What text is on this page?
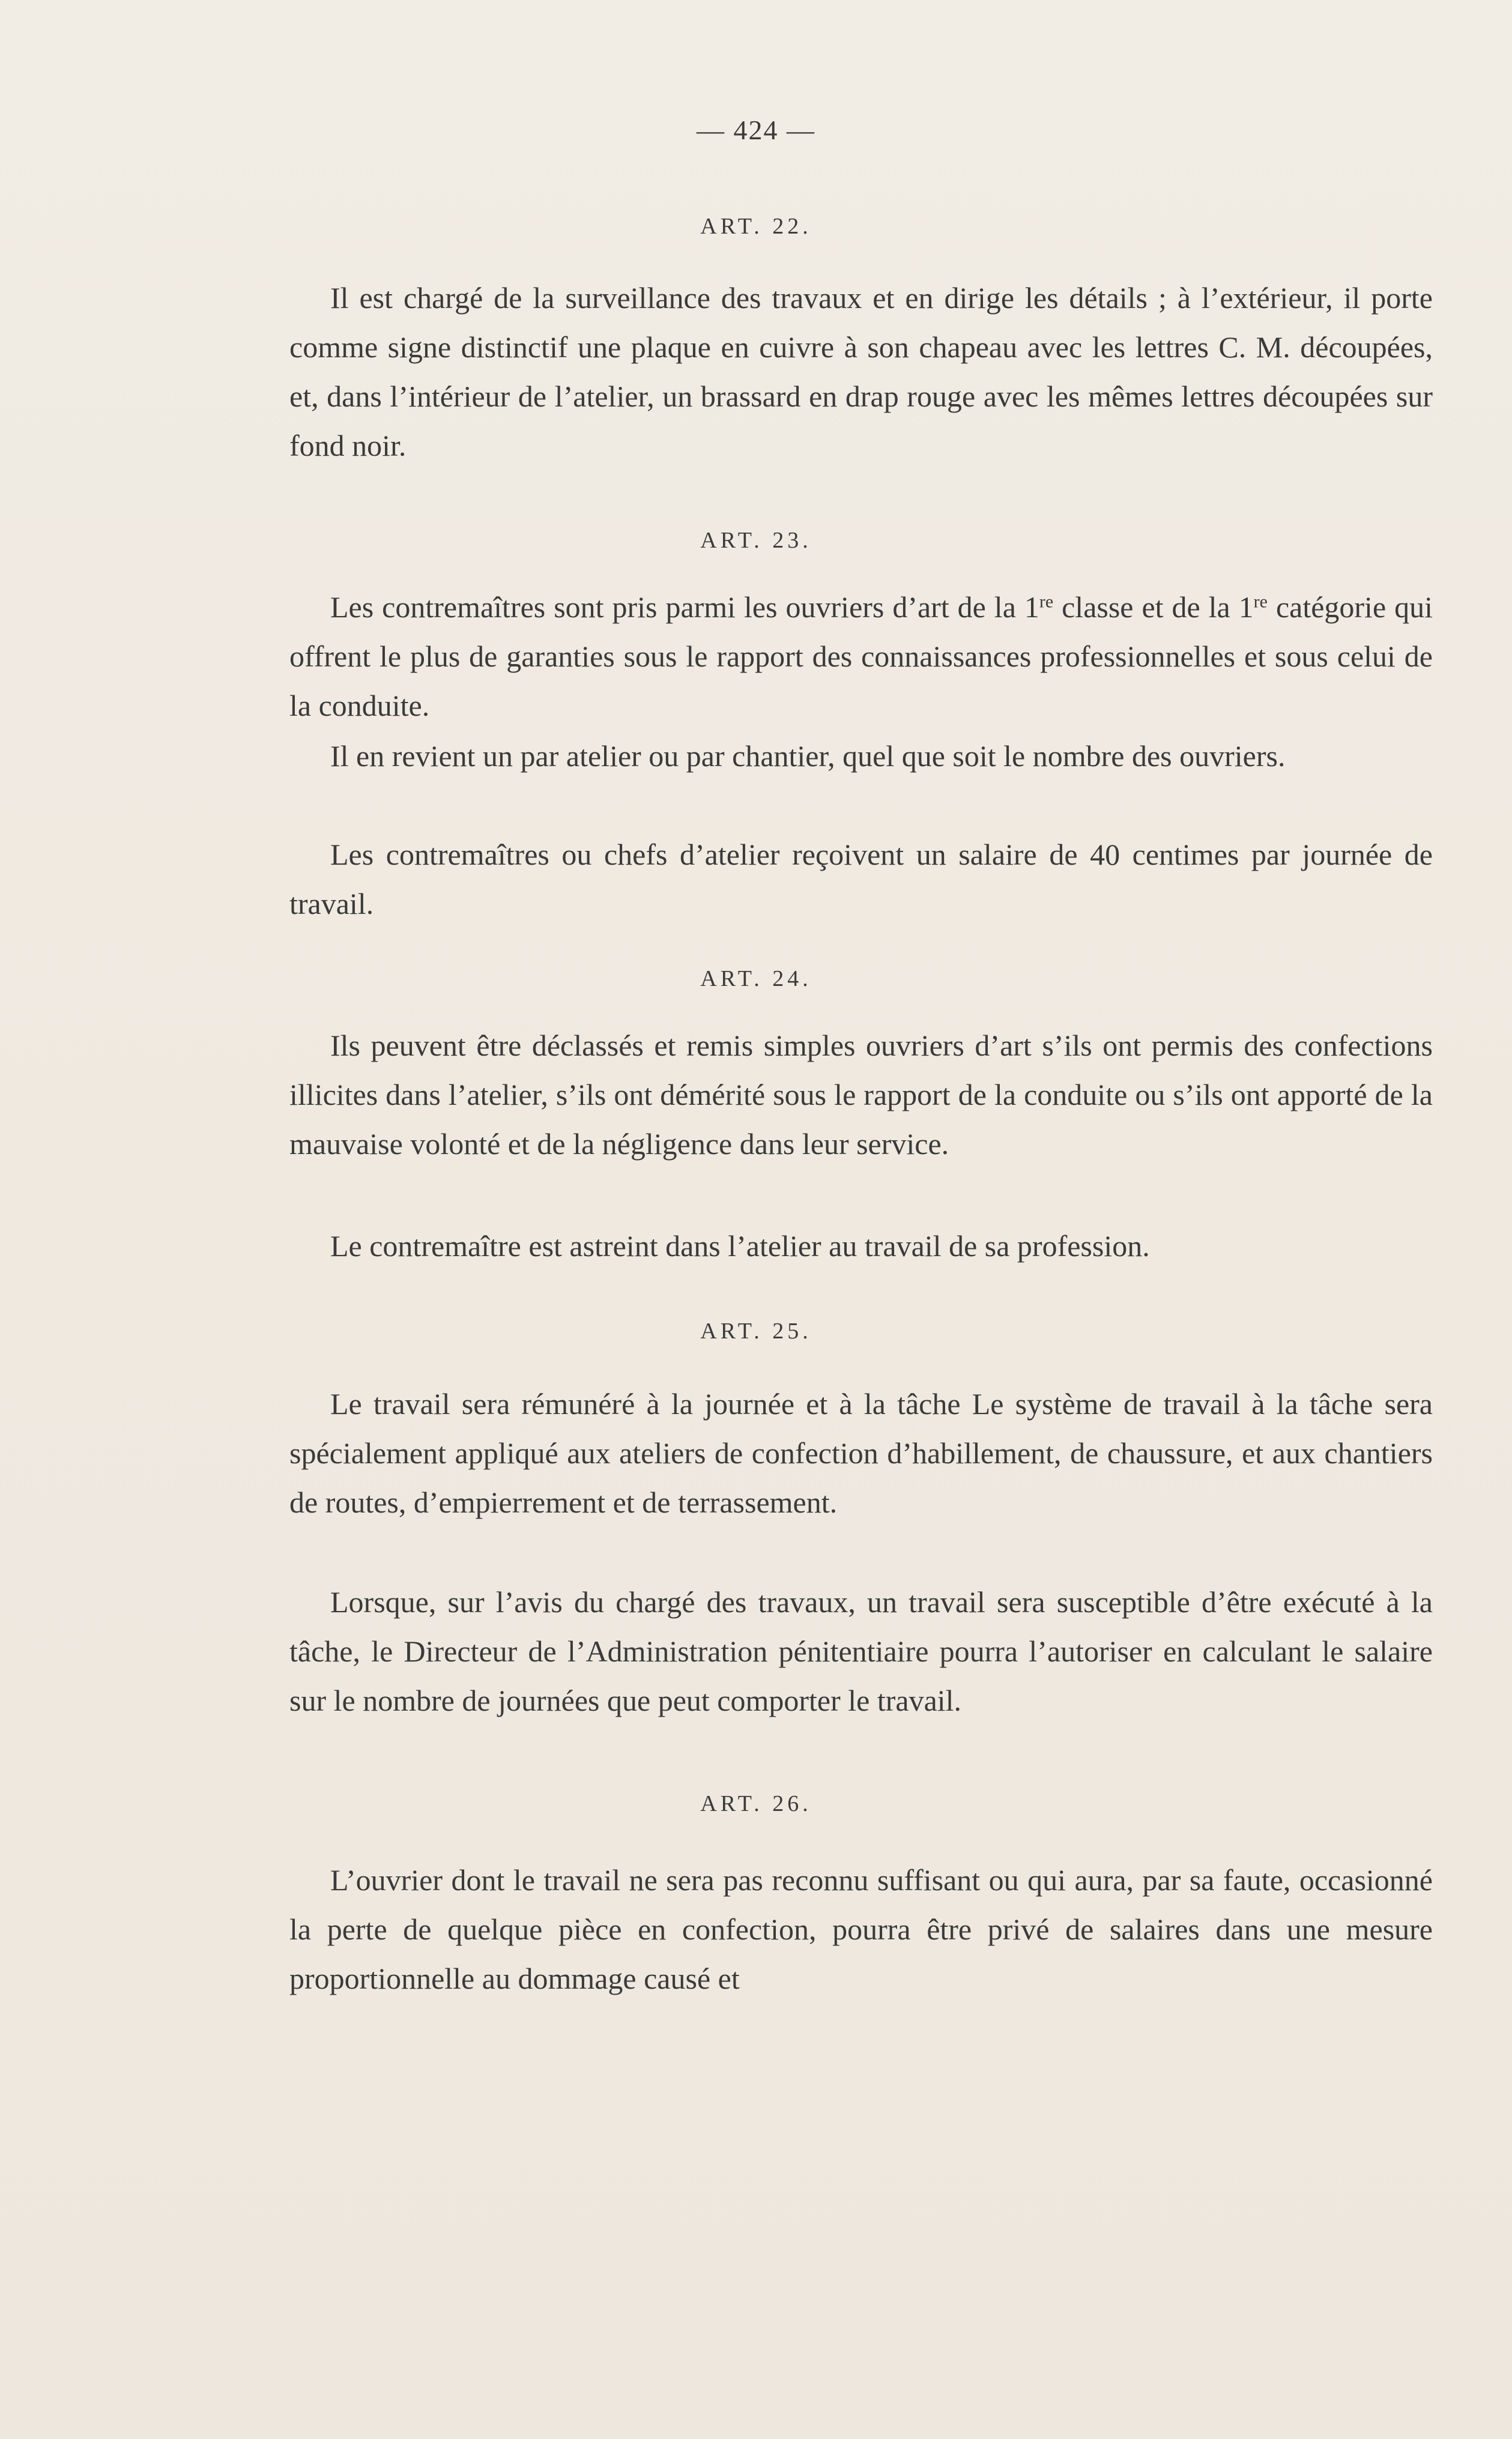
— 424 —
ART. 22.

Il est chargé de la surveillance des travaux et en dirige les détails ; à l’extérieur, il porte comme signe distinctif une plaque en cuivre à son chapeau avec les lettres C. M. découpées, et, dans l’intérieur de l’atelier, un brassard en drap rouge avec les mêmes lettres découpées sur fond noir.

ART. 23.

Les contremaîtres sont pris parmi les ouvriers d’art de la 1re classe et de la 1re catégorie qui offrent le plus de garanties sous le rapport des connaissances professionnelles et sous celui de la conduite.

Il en revient un par atelier ou par chantier, quel que soit le nombre des ouvriers.

Les contremaîtres ou chefs d’atelier reçoivent un salaire de 40 centimes par journée de travail.

ART. 24.

Ils peuvent être déclassés et remis simples ouvriers d’art s’ils ont permis des confections illicites dans l’atelier, s’ils ont démérité sous le rapport de la conduite ou s’ils ont apporté de la mauvaise volonté et de la négligence dans leur service.

Le contremaître est astreint dans l’atelier au travail de sa profession.

ART. 25.

Le travail sera rémunéré à la journée et à la tâche Le système de travail à la tâche sera spécialement appliqué aux ateliers de confection d’habillement, de chaussure, et aux chantiers de routes, d’empierrement et de terrassement.

Lorsque, sur l’avis du chargé des travaux, un travail sera susceptible d’être exécuté à la tâche, le Directeur de l’Administration pénitentiaire pourra l’autoriser en calculant le salaire sur le nombre de journées que peut comporter le travail.

ART. 26.

L’ouvrier dont le travail ne sera pas reconnu suffisant ou qui aura, par sa faute, occasionné la perte de quelque pièce en confection, pourra être privé de salaires dans une mesure proportionnelle au dommage causé et
